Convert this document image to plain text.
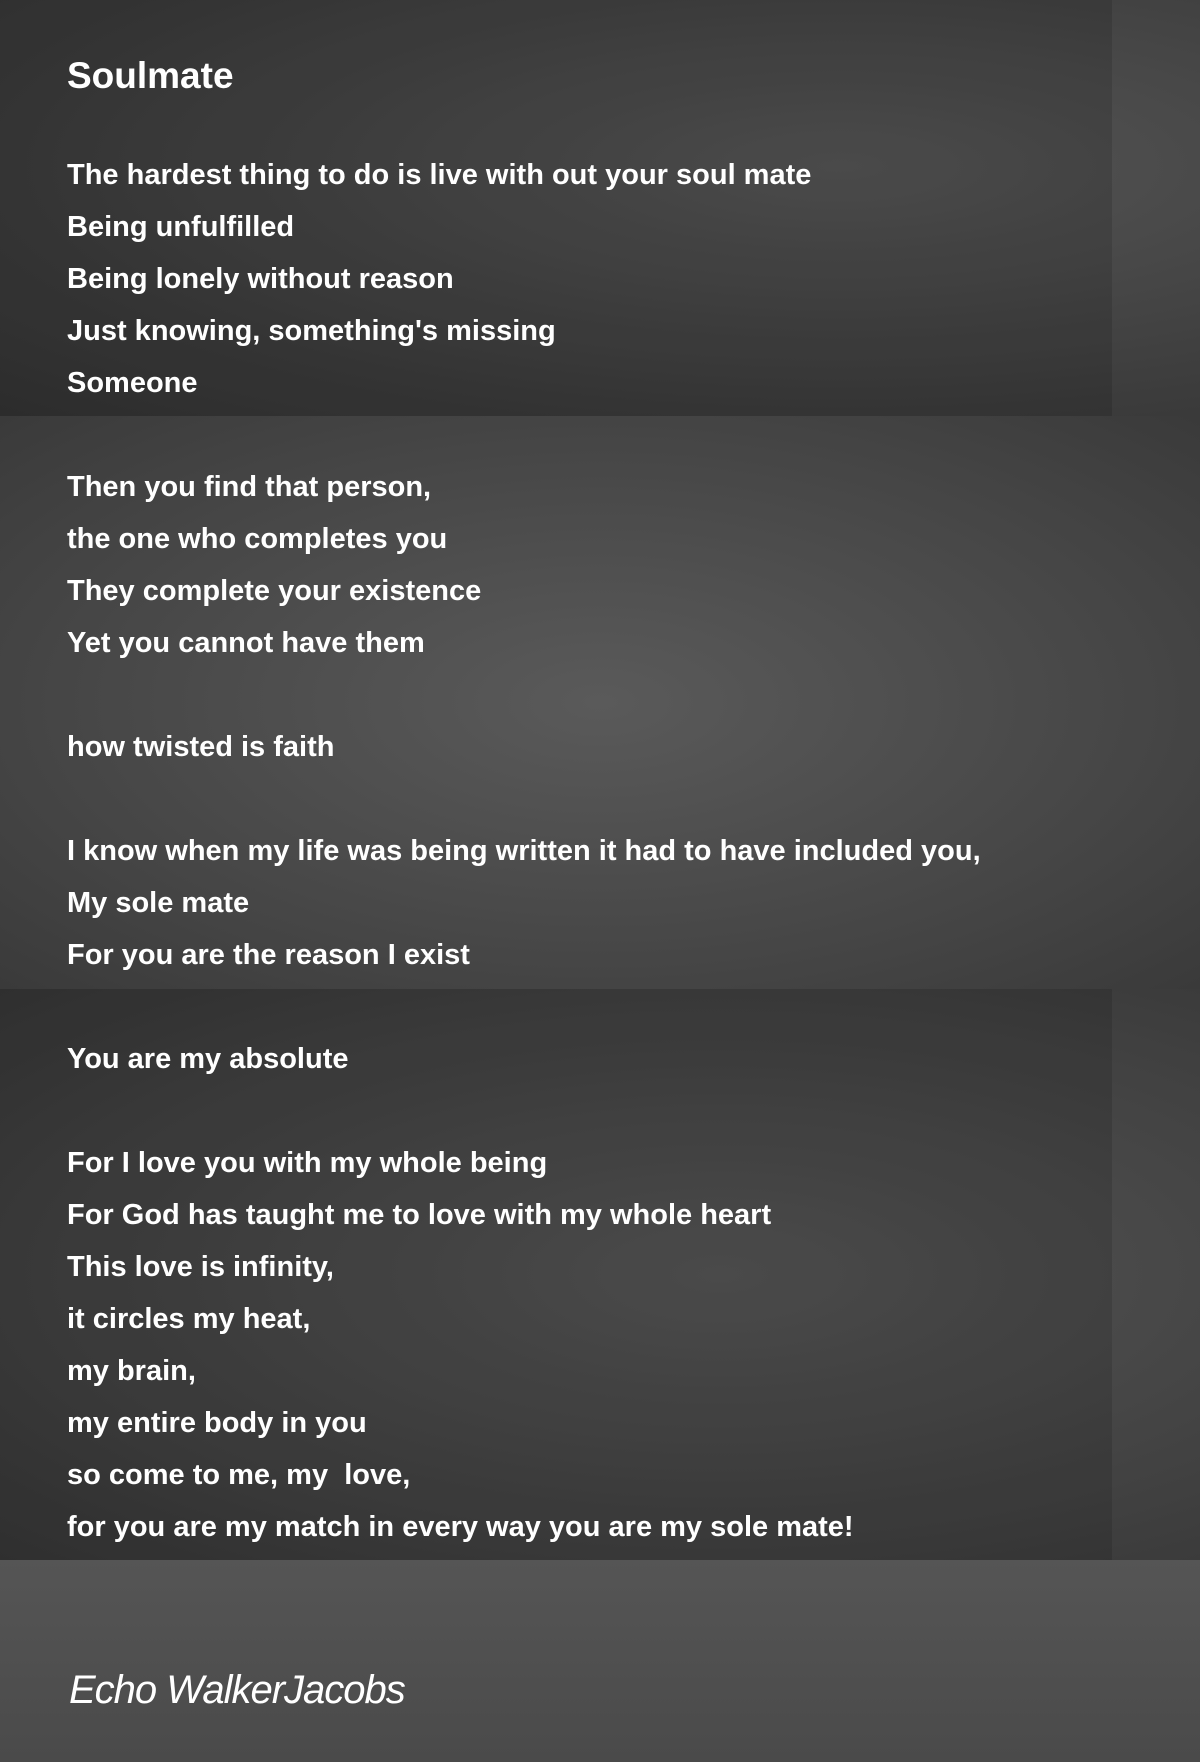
Soulmate
The hardest thing to do is live with out your soul mate
Being unfulfilled
Being lonely without reason
Just knowing, something's missing
Someone
Then you find that person,
the one who completes you
They complete your existence
Yet you cannot have them
how twisted is faith
I know when my life was being written it had to have included you,
My sole mate
For you are the reason I exist
You are my absolute
For I love you with my whole being
For God has taught me to love with my whole heart
This love is infinity,
it circles my heat,
my brain,
my entire body in you
so come to me, my  love,
for you are my match in every way you are my sole mate!
Echo WalkerJacobs
